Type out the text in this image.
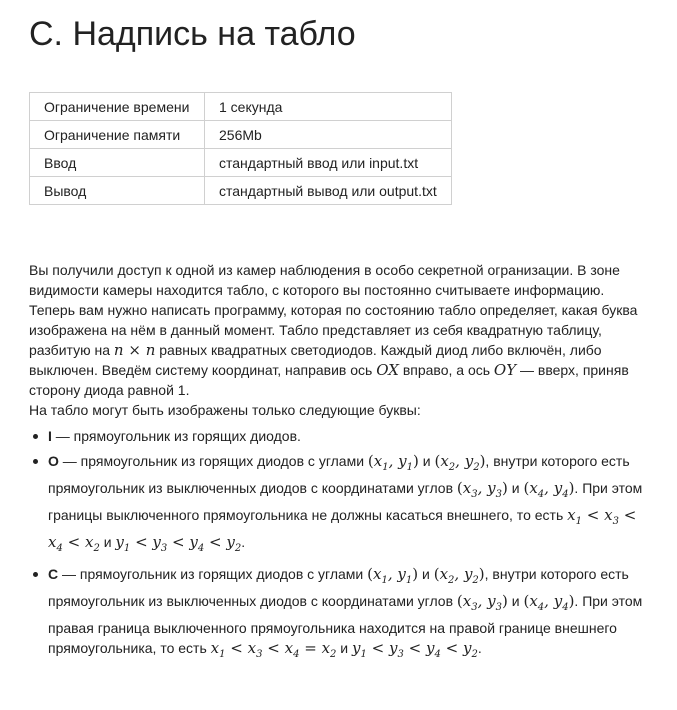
C. Надпись на табло
Ограничение времени	1 секунда
Ограничение памяти	256Mb
Ввод	стандартный ввод или input.txt
Вывод	стандартный вывод или output.txt

Вы получили доступ к одной из камер наблюдения в особо секретной огранизации. В зоне видимости камеры находится табло, с которого вы постоянно считываете информацию. Теперь вам нужно написать программу, которая по состоянию табло определяет, какая буква изображена на нём в данный момент. Табло представляет из себя квадратную таблицу, разбитую на n × n равных квадратных светодиодов. Каждый диод либо включён, либо выключен. Введём систему координат, направив ось OX вправо, а ось OY — вверх, приняв сторону диода равной 1.

На табло могут быть изображены только следующие буквы:

I — прямоугольник из горящих диодов.
O — прямоугольник из горящих диодов с углами ($x_1$, $y_1$) и ($x_2$, $y_2$), внутри которого есть прямоугольник из выключенных диодов с координатами углов ($x_3$, $y_3$) и ($x_4$, $y_4$). При этом границы выключенного прямоугольника не должны касаться внешнего, то есть $x_1 < x_3 < x_4 < x_2$ и $y_1 < y_3 < y_4 < y_2$.
C — прямоугольник из горящих диодов с углами ($x_1$, $y_1$) и ($x_2$, $y_2$), внутри которого есть прямоугольник из выключенных диодов с координатами углов ($x_3$, $y_3$) и ($x_4$, $y_4$). При этом правая граница выключенного прямоугольника находится на правой границе внешнего прямоугольника, то есть $x_1 < x_3 < x_4 = x_2$ и $y_1 < y_3 < y_4 < y_2$.
